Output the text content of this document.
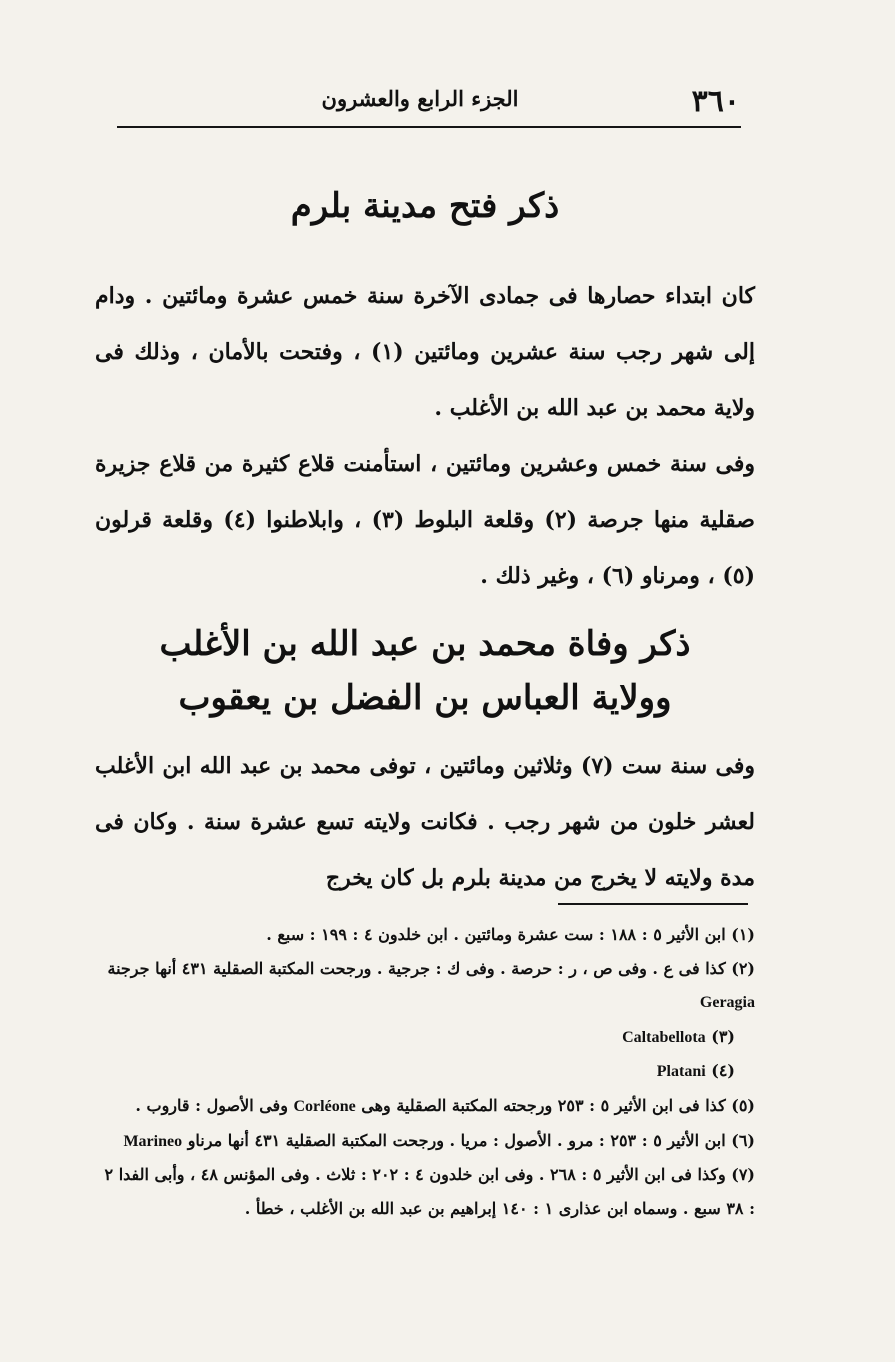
٣٦٠
الجزء الرابع والعشرون
ذكر فتح مدينة بلرم
كان ابتداء حصارها فى جمادى الآخرة سنة خمس عشرة ومائتين . ودام إلى شهر رجب سنة عشرين ومائتين (١) ، وفتحت بالأمان ، وذلك فى ولاية محمد بن عبد الله بن الأغلب .
وفى سنة خمس وعشرين ومائتين ، استأمنت قلاع كثيرة من قلاع جزيرة صقلية منها جرصة (٢) وقلعة البلوط (٣) ، وابلاطنوا (٤) وقلعة قرلون (٥) ، ومرناو (٦) ، وغير ذلك .
ذكر وفاة محمد بن عبد الله بن الأغلب
وولاية العباس بن الفضل بن يعقوب
وفى سنة ست (٧) وثلاثين ومائتين ، توفى محمد بن عبد الله ابن الأغلب لعشر خلون من شهر رجب . فكانت ولايته تسع عشرة سنة . وكان فى مدة ولايته لا يخرج من مدينة بلرم بل كان يخرج

(١) ابن الأثير ٥ : ١٨٨ : ست عشرة ومائتين . ابن خلدون ٤ : ١٩٩ : سبع .

(٢) كذا فى ع . وفى ص ، ر : حرصة . وفى ك : جرجية . ورجحت المكتبة الصقلية ٤٣١ أنها جرجنة Geragia

(٣) Caltabellota

(٤) Platani

(٥) كذا فى ابن الأثير ٥ : ٢٥٣ ورجحته المكتبة الصقلية وهى Corléone وفى الأصول : قاروب .

(٦) ابن الأثير ٥ : ٢٥٣ : مرو . الأصول : مريا . ورجحت المكتبة الصقلية ٤٣١ أنها مرناو Marineo

(٧) وكذا فى ابن الأثير ٥ : ٢٦٨ . وفى ابن خلدون ٤ : ٢٠٢ : ثلاث . وفى المؤنس ٤٨ ، وأبى الفدا ٢ : ٣٨ سبع . وسماه ابن عذارى ١ : ١٤٠ إبراهيم بن عبد الله بن الأغلب ، خطأ .
